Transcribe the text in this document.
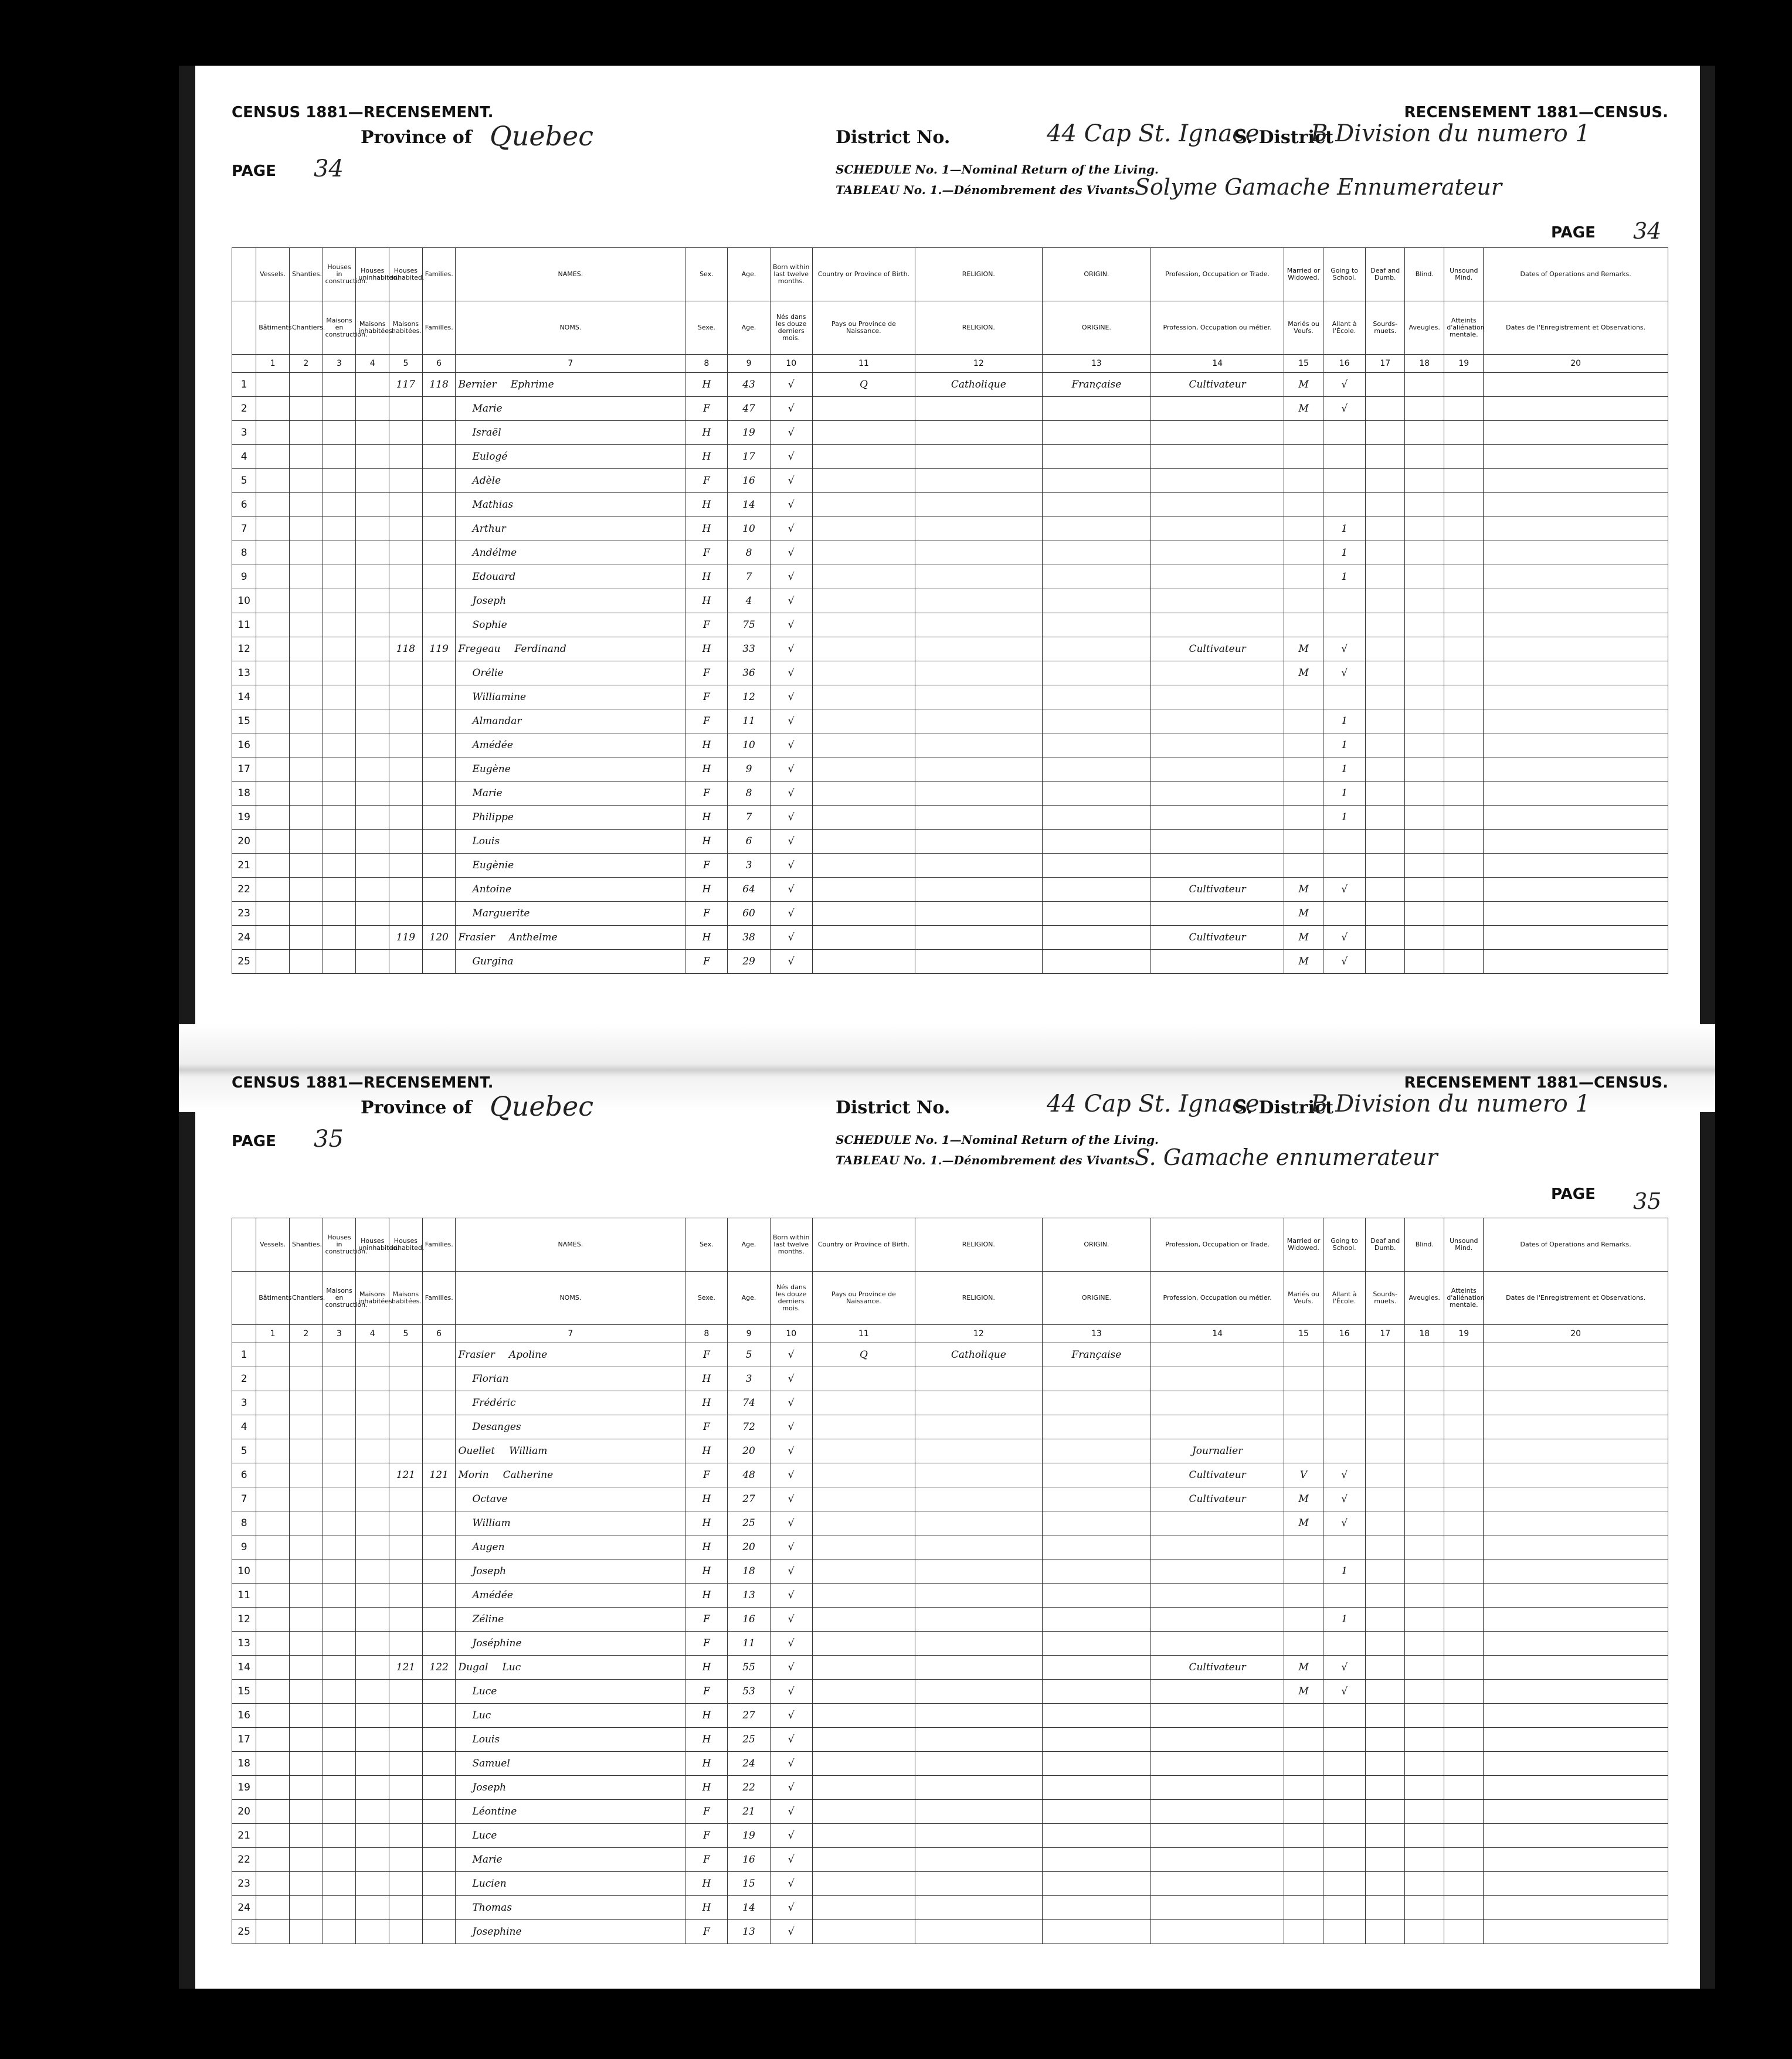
CENSUS 1881—RECENSEMENT.	RECENSEMENT 1881—CENSUS.
Province of Quebec	District No.	44 Cap St. Ignace
S. District
B Division du numero 1
PAGE 34	SCHEDULE No. 1—Nominal Return of the Living.
TABLEAU No. 1.—Dénombrement des Vivants.
Solyme Gamache Ennumerateur
PAGE 34
	Vessels.	Shanties.	Houses in construction.	Houses uninhabited.	Houses inhabited.	Families.	NAMES.	Sex.	Age.	Born within last twelve months.	Country or Province of Birth.	RELIGION.	ORIGIN.	Profession, Occupation or Trade.	Married or Widowed.	Going to School.	Deaf and Dumb.	Blind.	Unsound Mind.	Dates of Operations and Remarks.
	Bâtiments	Chantiers.	Maisons en construction.	Maisons inhabitées.	Maisons habitées.	Familles.	NOMS.	Sexe.	Age.	Nés dans les douze derniers mois.	Pays ou Province de Naissance.	RELIGION.	ORIGINE.	Profession, Occupation ou métier.	Mariés ou Veufs.	Allant à l'École.	Sourds-muets.	Aveugles.	Atteints d'aliénation mentale.	Dates de l'Enregistrement et Observations.
	1	2	3	4	5	6	7	8	9	10	11	12	13	14	15	16	17	18	19	20
1					117	118	Bernier Ephrime	H	43	√	Q	Catholique	Française	Cultivateur	M	√				
2							Marie	F	47	√					M	√				
3							Israël	H	19	√										
4							Eulogé	H	17	√										
5							Adèle	F	16	√										
6							Mathias	H	14	√										
7							Arthur	H	10	√						1				
8							Andélme	F	8	√						1				
9							Edouard	H	7	√						1				
10							Joseph	H	4	√										
11							Sophie	F	75	√										
12					118	119	Fregeau Ferdinand	H	33	√				Cultivateur	M	√				
13							Orélie	F	36	√					M	√				
14							Williamine	F	12	√										
15							Almandar	F	11	√						1				
16							Amédée	H	10	√						1				
17							Eugène	H	9	√						1				
18							Marie	F	8	√						1				
19							Philippe	H	7	√						1				
20							Louis	H	6	√										
21							Eugènie	F	3	√										
22							Antoine	H	64	√				Cultivateur	M	√				
23							Marguerite	F	60	√					M					
24					119	120	Frasier Anthelme	H	38	√				Cultivateur	M	√				
25							Gurgina	F	29	√					M	√				
CENSUS 1881—RECENSEMENT.	RECENSEMENT 1881—CENSUS.
Province of Quebec	District No.	44 Cap St. Ignace
S. District
B Division du numero 1
PAGE 35	SCHEDULE No. 1—Nominal Return of the Living.
TABLEAU No. 1.—Dénombrement des Vivants.
S. Gamache ennumerateur
PAGE 35
	Vessels.	Shanties.	Houses in construction.	Houses uninhabited.	Houses inhabited.	Families.	NAMES.	Sex.	Age.	Born within last twelve months.	Country or Province of Birth.	RELIGION.	ORIGIN.	Profession, Occupation or Trade.	Married or Widowed.	Going to School.	Deaf and Dumb.	Blind.	Unsound Mind.	Dates of Operations and Remarks.
	Bâtiments	Chantiers.	Maisons en construction.	Maisons inhabitées.	Maisons habitées.	Familles.	NOMS.	Sexe.	Age.	Nés dans les douze derniers mois.	Pays ou Province de Naissance.	RELIGION.	ORIGINE.	Profession, Occupation ou métier.	Mariés ou Veufs.	Allant à l'École.	Sourds-muets.	Aveugles.	Atteints d'aliénation mentale.	Dates de l'Enregistrement et Observations.
	1	2	3	4	5	6	7	8	9	10	11	12	13	14	15	16	17	18	19	20
1							Frasier Apoline	F	5	√	Q	Catholique	Française							
2							Florian	H	3	√										
3							Frédéric	H	74	√										
4							Desanges	F	72	√										
5							Ouellet William	H	20	√				Journalier						
6					121	121	Morin Catherine	F	48	√				Cultivateur	V	√				
7							Octave	H	27	√				Cultivateur	M	√				
8							William	H	25	√					M	√				
9							Augen	H	20	√										
10							Joseph	H	18	√						1				
11							Amédée	H	13	√										
12							Zéline	F	16	√						1				
13							Joséphine	F	11	√										
14					121	122	Dugal Luc	H	55	√				Cultivateur	M	√				
15							Luce	F	53	√					M	√				
16							Luc	H	27	√										
17							Louis	H	25	√										
18							Samuel	H	24	√										
19							Joseph	H	22	√										
20							Léontine	F	21	√										
21							Luce	F	19	√										
22							Marie	F	16	√										
23							Lucien	H	15	√										
24							Thomas	H	14	√										
25							Josephine	F	13	√										
